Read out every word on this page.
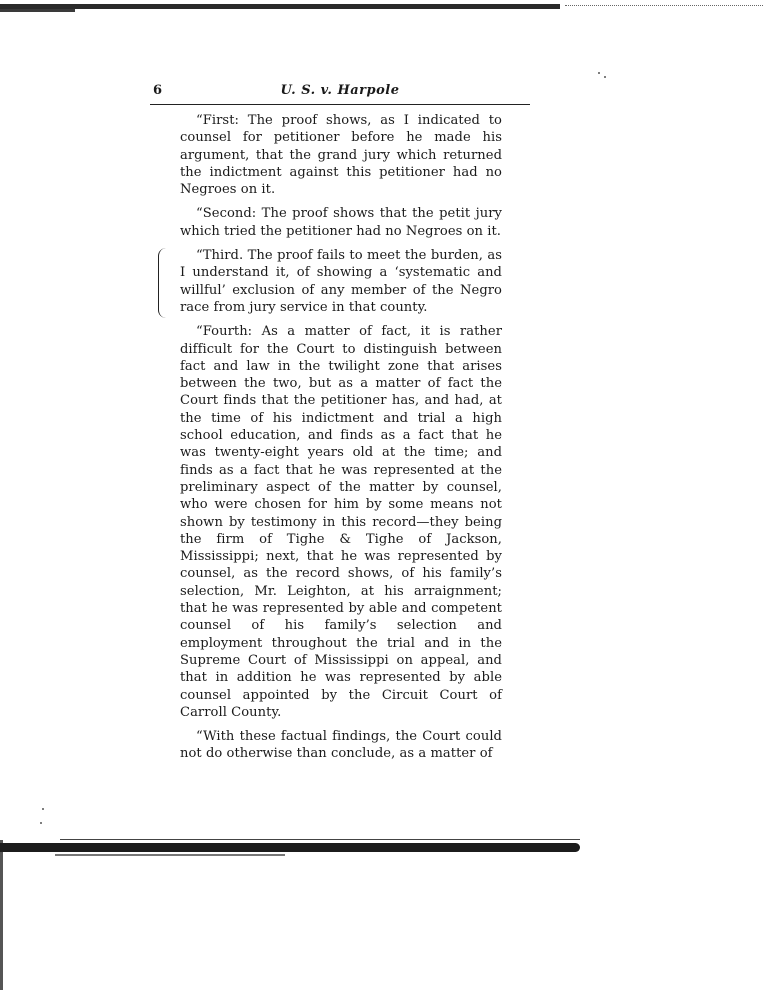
6	U. S. v. Harpole

“First: The proof shows, as I indicated to counsel for petitioner before he made his argument, that the grand jury which returned the indictment against this petitioner had no Negroes on it.

“Second: The proof shows that the petit jury which tried the petitioner had no Negroes on it.

“Third. The proof fails to meet the burden, as I understand it, of showing a ‘systematic and willful’ exclusion of any member of the Negro race from jury service in that county.

“Fourth: As a matter of fact, it is rather difficult for the Court to distinguish between fact and law in the twilight zone that arises between the two, but as a matter of fact the Court finds that the petitioner has, and had, at the time of his indictment and trial a high school education, and finds as a fact that he was twenty-eight years old at the time; and finds as a fact that he was represented at the preliminary aspect of the matter by counsel, who were chosen for him by some means not shown by testimony in this record—they being the firm of Tighe & Tighe of Jackson, Mississippi; next, that he was represented by counsel, as the record shows, of his family’s selection, Mr. Leighton, at his arraignment; that he was represented by able and competent counsel of his family’s selection and employment throughout the trial and in the Supreme Court of Mississippi on appeal, and that in addition he was represented by able counsel appointed by the Circuit Court of Carroll County.

“With these factual findings, the Court could not do otherwise than conclude, as a matter of
